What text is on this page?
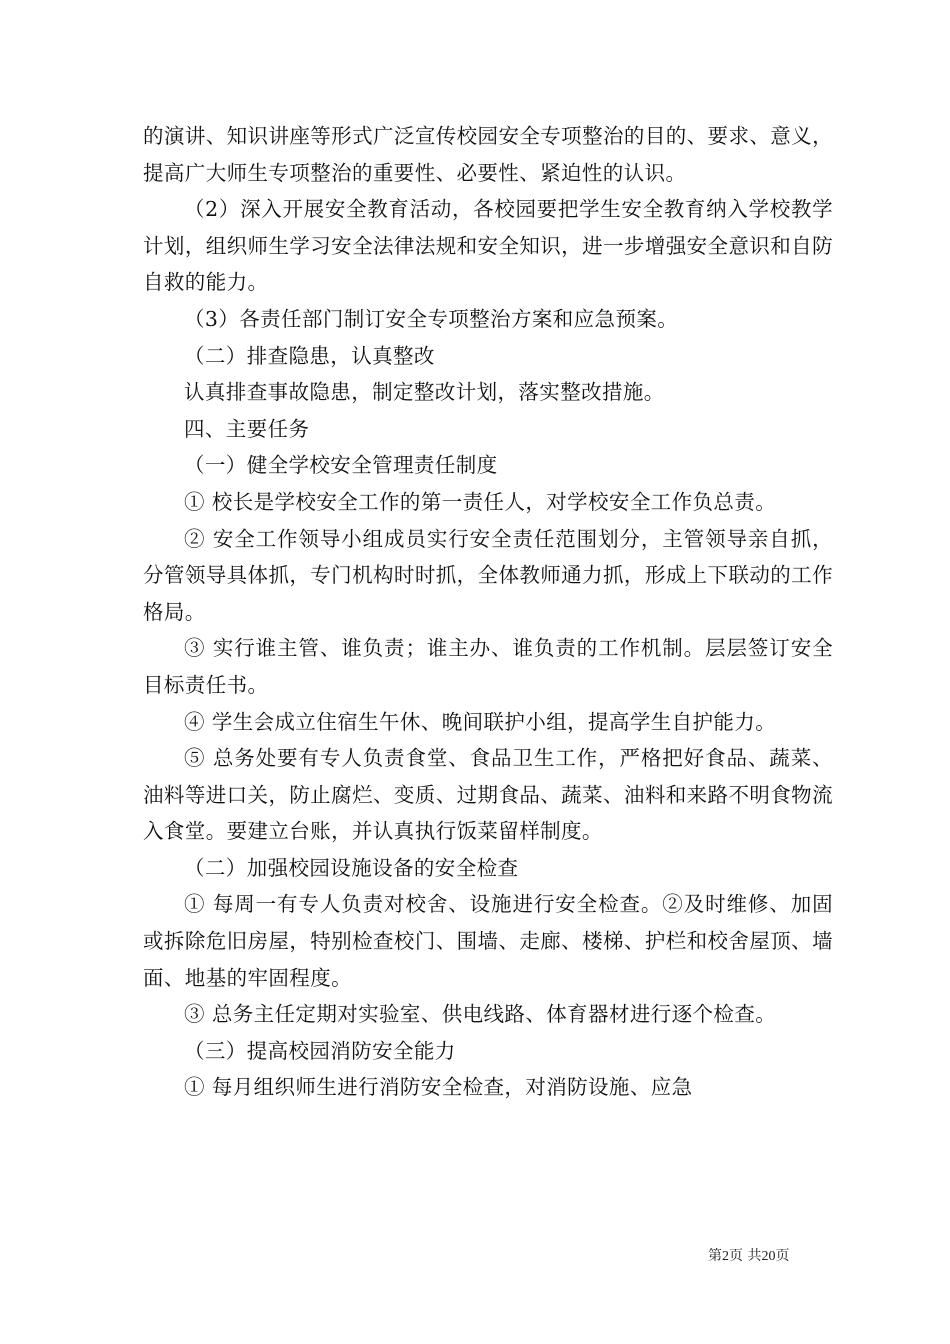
的演讲、知识讲座等形式广泛宣传校园安全专项整治的目的、要求、意义，提高广大师生专项整治的重要性、必要性、紧迫性的认识。

（2）深入开展安全教育活动，各校园要把学生安全教育纳入学校教学计划，组织师生学习安全法律法规和安全知识，进一步增强安全意识和自防自救的能力。

（3）各责任部门制订安全专项整治方案和应急预案。

（二）排查隐患，认真整改

认真排查事故隐患，制定整改计划，落实整改措施。

四、主要任务

（一）健全学校安全管理责任制度

① 校长是学校安全工作的第一责任人，对学校安全工作负总责。

② 安全工作领导小组成员实行安全责任范围划分，主管领导亲自抓，分管领导具体抓，专门机构时时抓，全体教师通力抓，形成上下联动的工作格局。

③ 实行谁主管、谁负责；谁主办、谁负责的工作机制。层层签订安全目标责任书。

④ 学生会成立住宿生午休、晚间联护小组，提高学生自护能力。

⑤ 总务处要有专人负责食堂、食品卫生工作，严格把好食品、蔬菜、油料等进口关，防止腐烂、变质、过期食品、蔬菜、油料和来路不明食物流入食堂。要建立台账，并认真执行饭菜留样制度。

（二）加强校园设施设备的安全检查

① 每周一有专人负责对校舍、设施进行安全检查。②及时维修、加固或拆除危旧房屋，特别检查校门、围墙、走廊、楼梯、护栏和校舍屋顶、墙面、地基的牢固程度。

③ 总务主任定期对实验室、供电线路、体育器材进行逐个检查。

（三）提高校园消防安全能力

① 每月组织师生进行消防安全检查，对消防设施、应急

第2页 共20页
